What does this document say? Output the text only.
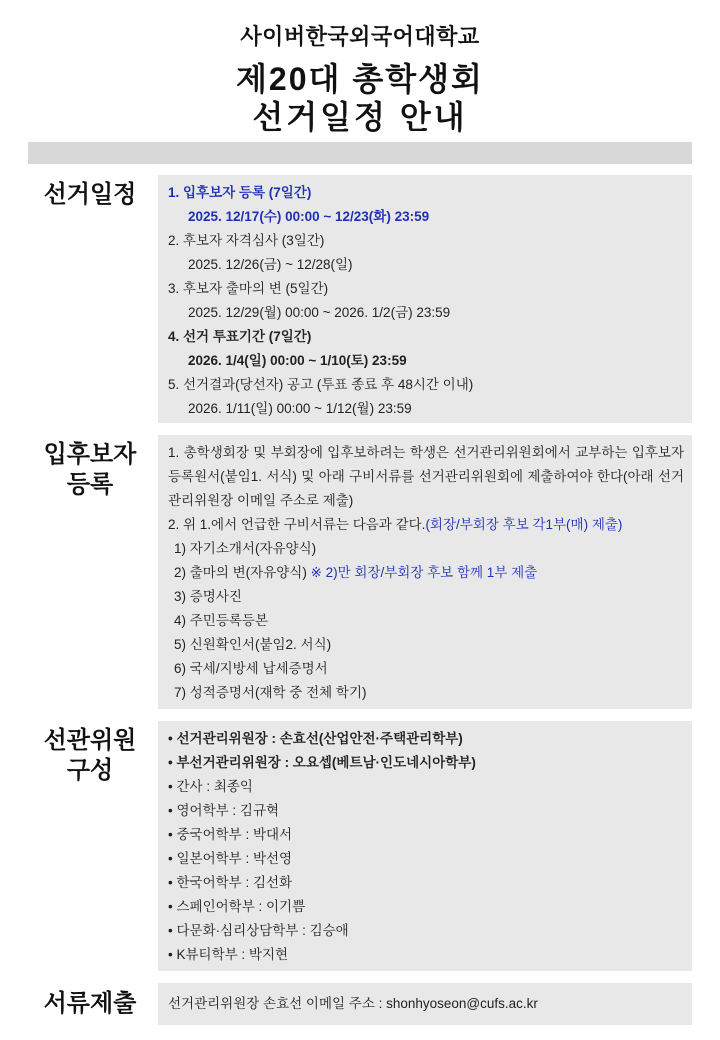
사이버한국외국어대학교
제20대 총학생회
선거일정 안내
선거일정	1. 입후보자 등록 (7일간)
2025. 12/17(수) 00:00 ~ 12/23(화) 23:59
2. 후보자 자격심사 (3일간)
2025. 12/26(금) ~ 12/28(일)
3. 후보자 출마의 변 (5일간)
2025. 12/29(월) 00:00 ~ 2026. 1/2(금) 23:59
4. 선거 투표기간 (7일간)
2026. 1/4(일) 00:00 ~ 1/10(토) 23:59
5. 선거결과(당선자) 공고 (투표 종료 후 48시간 이내)
2026. 1/11(일) 00:00 ~ 1/12(월) 23:59
입후보자
등록
1. 총학생회장 및 부회장에 입후보하려는 학생은 선거관리위원회에서 교부하는 입후보자 등록원서(붙임1. 서식) 및 아래 구비서류를 선거관리위원회에 제출하여야 한다(아래 선거관리위원장 이메일 주소로 제출)
2. 위 1.에서 언급한 구비서류는 다음과 같다.(회장/부회장 후보 각1부(매) 제출)
1) 자기소개서(자유양식)
2) 출마의 변(자유양식) ※ 2)만 회장/부회장 후보 함께 1부 제출
3) 증명사진
4) 주민등록등본
5) 신원확인서(붙임2. 서식)
6) 국세/지방세 납세증명서
7) 성적증명서(재학 중 전체 학기)
선관위원
구성
• 선거관리위원장 : 손효선(산업안전·주택관리학부)
• 부선거관리위원장 : 오요셉(베트남·인도네시아학부)
• 간사 : 최종익
• 영어학부 : 김규혁
• 중국어학부 : 박대서
• 일본어학부 : 박선영
• 한국어학부 : 김선화
• 스페인어학부 : 이기쁨
• 다문화·심리상담학부 : 김승애
• K뷰티학부 : 박지현
서류제출	선거관리위원장 손효선 이메일 주소 : shonhyoseon@cufs.ac.kr
